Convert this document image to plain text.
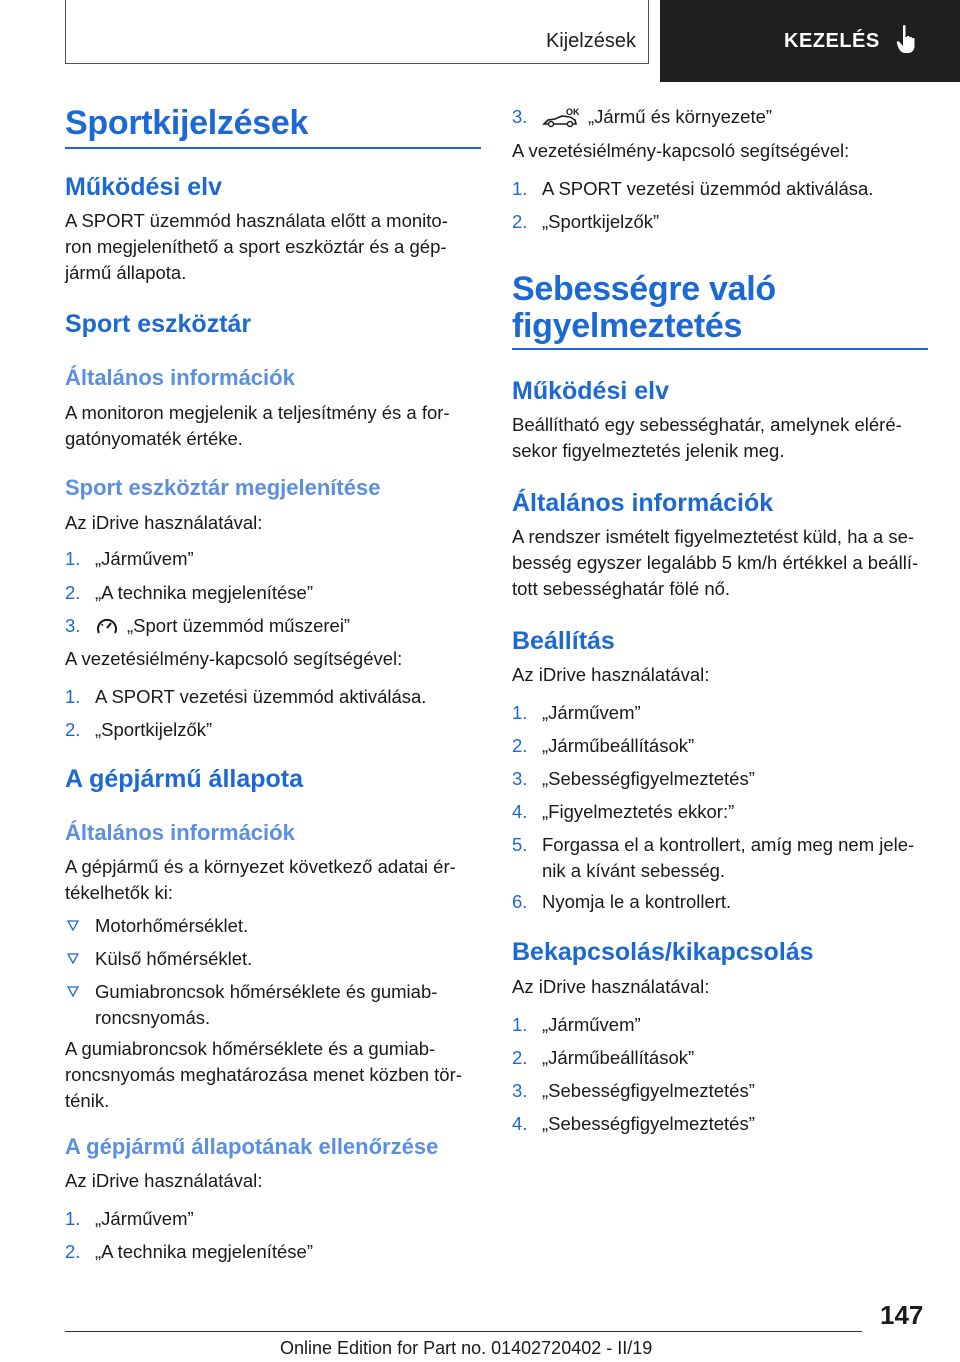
Kijelzések	KEZELÉS
Sportkijelzések
Működési elv
A SPORT üzemmód használata előtt a monito-
ron megjeleníthető a sport eszköztár és a gép-
jármű állapota.
Sport eszköztár
Általános információk
A monitoron megjelenik a teljesítmény és a for-
gatónyomaték értéke.
Sport eszköztár megjelenítése
Az iDrive használatával:
1. „Járművem”
2. „A technika megjelenítése”
3.	„Sport üzemmód műszerei”
A vezetésiélmény-kapcsoló segítségével:
1. A SPORT vezetési üzemmód aktiválása.
2. „Sportkijelzők”
A gépjármű állapota
Általános információk
A gépjármű és a környezet következő adatai ér-
tékelhetők ki:
Motorhőmérséklet.
Külső hőmérséklet.
Gumiabroncsok hőmérséklete és gumiab-
roncsnyomás.
A gumiabroncsok hőmérséklete és a gumiab-
roncsnyomás meghatározása menet közben tör-
ténik.
A gépjármű állapotának ellenőrzése
Az iDrive használatával:
1. „Járművem”
2. „A technika megjelenítése”
3.	OK „Jármű és környezete”
A vezetésiélmény-kapcsoló segítségével:
1. A SPORT vezetési üzemmód aktiválása.
2. „Sportkijelzők”
Sebességre való
figyelmeztetés
Működési elv
Beállítható egy sebességhatár, amelynek eléré-
sekor figyelmeztetés jelenik meg.
Általános információk
A rendszer ismételt figyelmeztetést küld, ha a se-
besség egyszer legalább 5 km/h értékkel a beállí-
tott sebességhatár fölé nő.
Beállítás
Az iDrive használatával:
1. „Járművem”
2. „Járműbeállítások”
3. „Sebességfigyelmeztetés”
4. „Figyelmeztetés ekkor:”
5. Forgassa el a kontrollert, amíg meg nem jele-
nik a kívánt sebesség.
6. Nyomja le a kontrollert.
Bekapcsolás/kikapcsolás
Az iDrive használatával:
1. „Járművem”
2. „Járműbeállítások”
3. „Sebességfigyelmeztetés”
4. „Sebességfigyelmeztetés”
147
Online Edition for Part no. 01402720402 - II/19
